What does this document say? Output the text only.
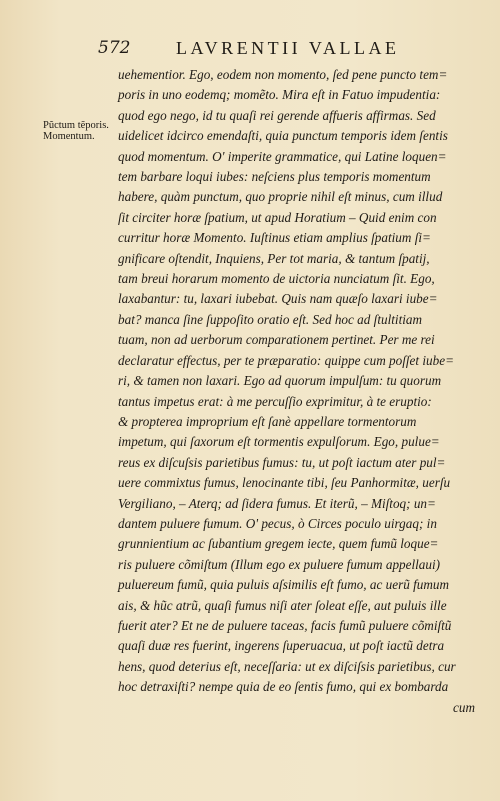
572	LAVRENTII VALLAE
Pũctum tẽporis.
Momentum.
uehementior. Ego, eodem non momento, ſed pene puncto tem=
poris in uno eodemq; momẽto. Mira eſt in Fatuo impudentia:
quod ego nego, id tu quaſi rei gerende affueris affirmas. Sed
uidelicet idcirco emendaſti, quia punctum temporis idem ſentis
quod momentum. O' imperite grammatice, qui Latine loquen=
tem barbare loqui iubes: neſciens plus temporis momentum
habere, quàm punctum, quo proprie nihil eſt minus, cum illud
ſit circiter horæ ſpatium, ut apud Horatium – Quid enim con
curritur horæ Momento. Iuſtinus etiam amplius ſpatium ſi=
gnificare oſtendit, Inquiens, Per tot maria, & tantum ſpatij,
tam breui horarum momento de uictoria nunciatum ſit. Ego,
laxabantur: tu, laxari iubebat. Quis nam quæſo laxari iube=
bat? manca ſine ſuppoſito oratio eſt. Sed hoc ad ſtultitiam
tuam, non ad uerborum comparationem pertinet. Per me rei
declaratur effectus, per te præparatio: quippe cum poſſet iube=
ri, & tamen non laxari. Ego ad quorum impulſum: tu quorum
tantus impetus erat: à me percuſſio exprimitur, à te eruptio:
& propterea improprium eſt ſanè appellare tormentorum
impetum, qui ſaxorum eſt tormentis expulſorum. Ego, pulue=
reus ex diſcuſsis parietibus fumus: tu, ut poſt iactum ater pul=
uere commixtus fumus, lenocinante tibi, ſeu Panhormitæ, uerſu
Vergiliano, – Aterq; ad ſidera fumus. Et iterũ, – Miſtoq; un=
dantem puluere fumum. O' pecus, ò Circes poculo uirgaq; in
grunnientium ac ſubantium gregem iecte, quem fumũ loque=
ris puluere cõmiſtum (Illum ego ex puluere fumum appellaui)
puluereum fumũ, quia puluis aſsimilis eſt fumo, ac uerũ fumum
ais, & hũc atrũ, quaſi fumus niſi ater ſoleat eſſe, aut puluis ille
fuerit ater? Et ne de puluere taceas, facis fumũ puluere cõmiſtũ
quaſi duæ res fuerint, ingerens ſuperuacua, ut poſt iactũ detra
hens, quod deterius eſt, neceſſaria: ut ex diſciſsis parietibus, cur
hoc detraxiſti? nempe quia de eo ſentis fumo, qui ex bombarda
cum
